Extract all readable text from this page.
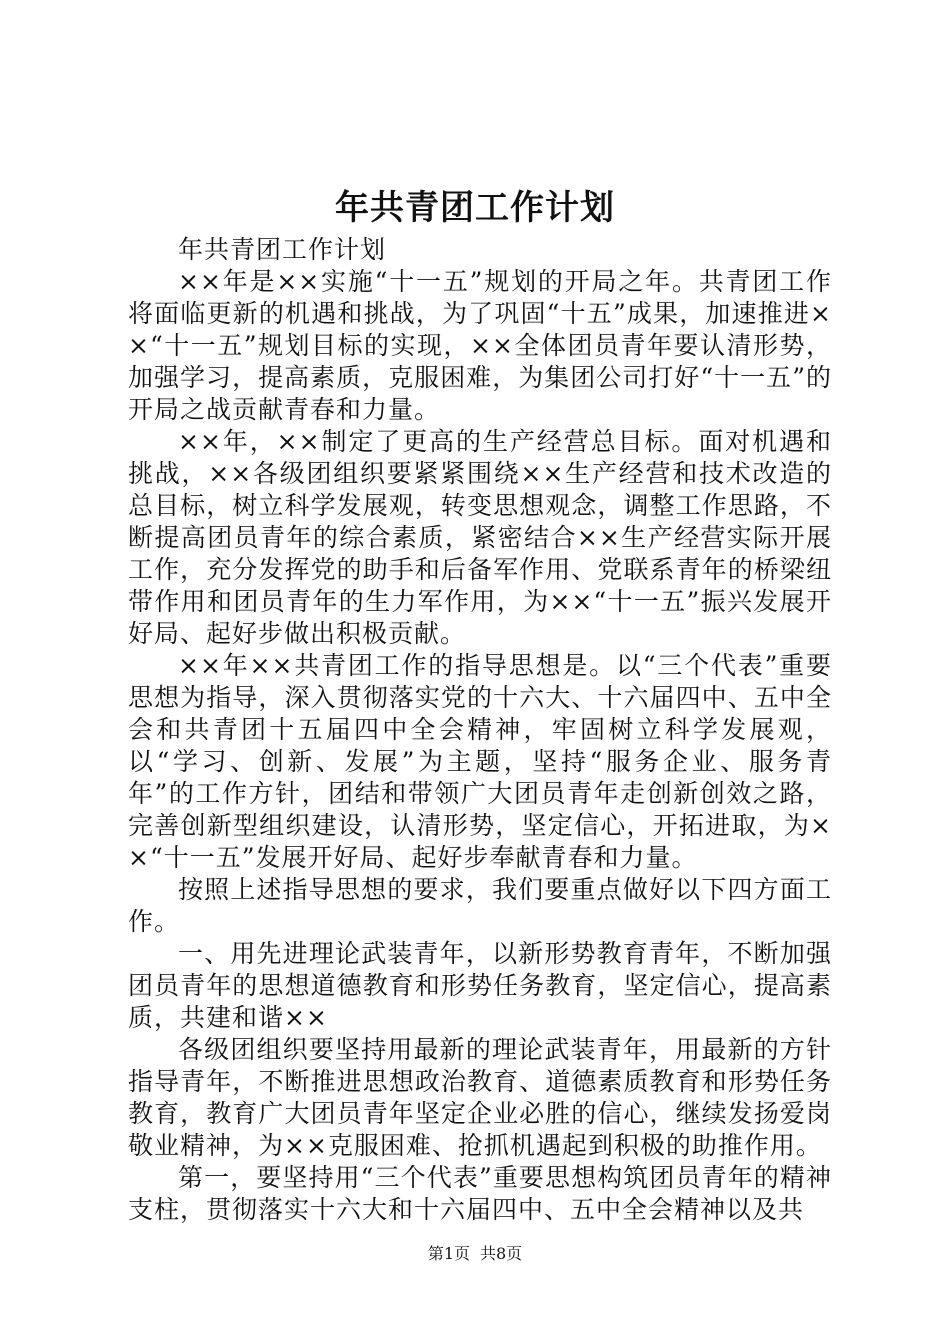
年共青团工作计划

年共青团工作计划

××年是××实施“十一五”规划的开局之年。共青团工作将面临更新的机遇和挑战，为了巩固“十五”成果，加速推进××“十一五”规划目标的实现，××全体团员青年要认清形势，加强学习，提高素质，克服困难，为集团公司打好“十一五”的开局之战贡献青春和力量。

××年，××制定了更高的生产经营总目标。面对机遇和挑战，××各级团组织要紧紧围绕××生产经营和技术改造的总目标，树立科学发展观，转变思想观念，调整工作思路，不断提高团员青年的综合素质，紧密结合××生产经营实际开展工作，充分发挥党的助手和后备军作用、党联系青年的桥梁纽带作用和团员青年的生力军作用，为××“十一五”振兴发展开好局、起好步做出积极贡献。

××年××共青团工作的指导思想是。以“三个代表”重要思想为指导，深入贯彻落实党的十六大、十六届四中、五中全会和共青团十五届四中全会精神，牢固树立科学发展观，以“学习、创新、发展”为主题，坚持“服务企业、服务青年”的工作方针，团结和带领广大团员青年走创新创效之路，完善创新型组织建设，认清形势，坚定信心，开拓进取，为××“十一五”发展开好局、起好步奉献青春和力量。

按照上述指导思想的要求，我们要重点做好以下四方面工作。

一、用先进理论武装青年，以新形势教育青年，不断加强团员青年的思想道德教育和形势任务教育，坚定信心，提高素质，共建和谐××

各级团组织要坚持用最新的理论武装青年，用最新的方针指导青年，不断推进思想政治教育、道德素质教育和形势任务教育，教育广大团员青年坚定企业必胜的信心，继续发扬爱岗敬业精神，为××克服困难、抢抓机遇起到积极的助推作用。

第一，要坚持用“三个代表”重要思想构筑团员青年的精神支柱，贯彻落实十六大和十六届四中、五中全会精神以及共

第1页 共8页
